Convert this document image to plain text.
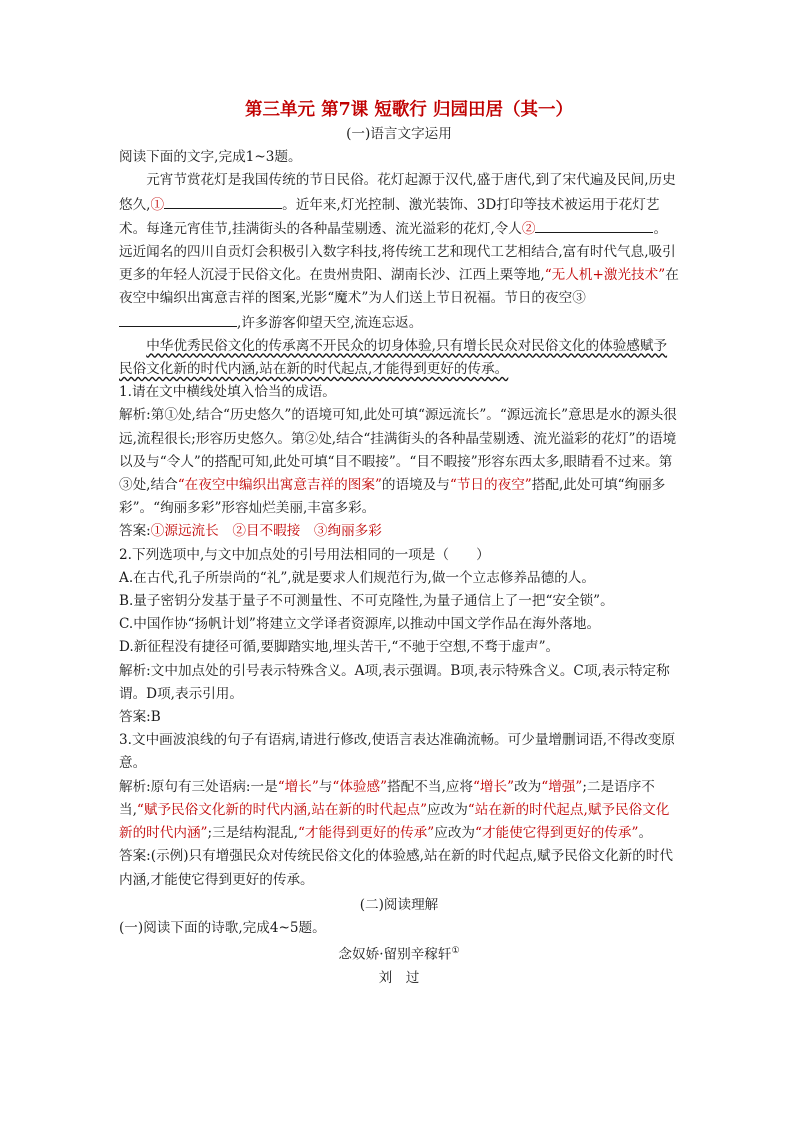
第三单元 第7课 短歌行 归园田居（其一）

(一)语言文字运用

阅读下面的文字,完成1~3题。

元宵节赏花灯是我国传统的节日民俗。花灯起源于汉代,盛于唐代,到了宋代遍及民间,历史悠久,①	。近年来,灯光控制、激光装饰、3D打印等技术被运用于花灯艺术。每逢元宵佳节,挂满街头的各种晶莹剔透、流光溢彩的花灯,令人②	。远近闻名的四川自贡灯会积极引入数字科技,将传统工艺和现代工艺相结合,富有时代气息,吸引更多的年轻人沉浸于民俗文化。在贵州贵阳、湖南长沙、江西上栗等地,“无人机+激光技术”在夜空中编织出寓意吉祥的图案,光影“魔术”为人们送上节日祝福。节日的夜空③,许多游客仰望天空,流连忘返。

中华优秀民俗文化的传承离不开民众的切身体验,只有增长民众对民俗文化的体验感赋予民俗文化新的时代内涵,站在新的时代起点,才能得到更好的传承。

1.请在文中横线处填入恰当的成语。

解析:第①处,结合“历史悠久”的语境可知,此处可填“源远流长”。“源远流长”意思是水的源头很远,流程很长;形容历史悠久。第②处,结合“挂满街头的各种晶莹剔透、流光溢彩的花灯”的语境以及与“令人”的搭配可知,此处可填“目不暇接”。“目不暇接”形容东西太多,眼睛看不过来。第③处,结合“在夜空中编织出寓意吉祥的图案”的语境及与“节日的夜空”搭配,此处可填“绚丽多彩”。“绚丽多彩”形容灿烂美丽,丰富多彩。

答案:①源远流长　②目不暇接　③绚丽多彩

2.下列选项中,与文中加点处的引号用法相同的一项是（　　）

A.在古代,孔子所崇尚的“礼”,就是要求人们规范行为,做一个立志修养品德的人。

B.量子密钥分发基于量子不可测量性、不可克隆性,为量子通信上了一把“安全锁”。

C.中国作协“扬帆计划”将建立文学译者资源库,以推动中国文学作品在海外落地。

D.新征程没有捷径可循,要脚踏实地,埋头苦干,“不驰于空想,不骛于虚声”。

解析:文中加点处的引号表示特殊含义。A项,表示强调。B项,表示特殊含义。C项,表示特定称谓。D项,表示引用。

答案:B

3.文中画波浪线的句子有语病,请进行修改,使语言表达准确流畅。可少量增删词语,不得改变原意。

解析:原句有三处语病:一是“增长”与“体验感”搭配不当,应将“增长”改为“增强”;二是语序不当,“赋予民俗文化新的时代内涵,站在新的时代起点”应改为“站在新的时代起点,赋予民俗文化新的时代内涵”;三是结构混乱,“才能得到更好的传承”应改为“才能使它得到更好的传承”。

答案:(示例)只有增强民众对传统民俗文化的体验感,站在新的时代起点,赋予民俗文化新的时代内涵,才能使它得到更好的传承。

(二)阅读理解

(一)阅读下面的诗歌,完成4~5题。

念奴娇·留别辛稼轩①

刘　过
